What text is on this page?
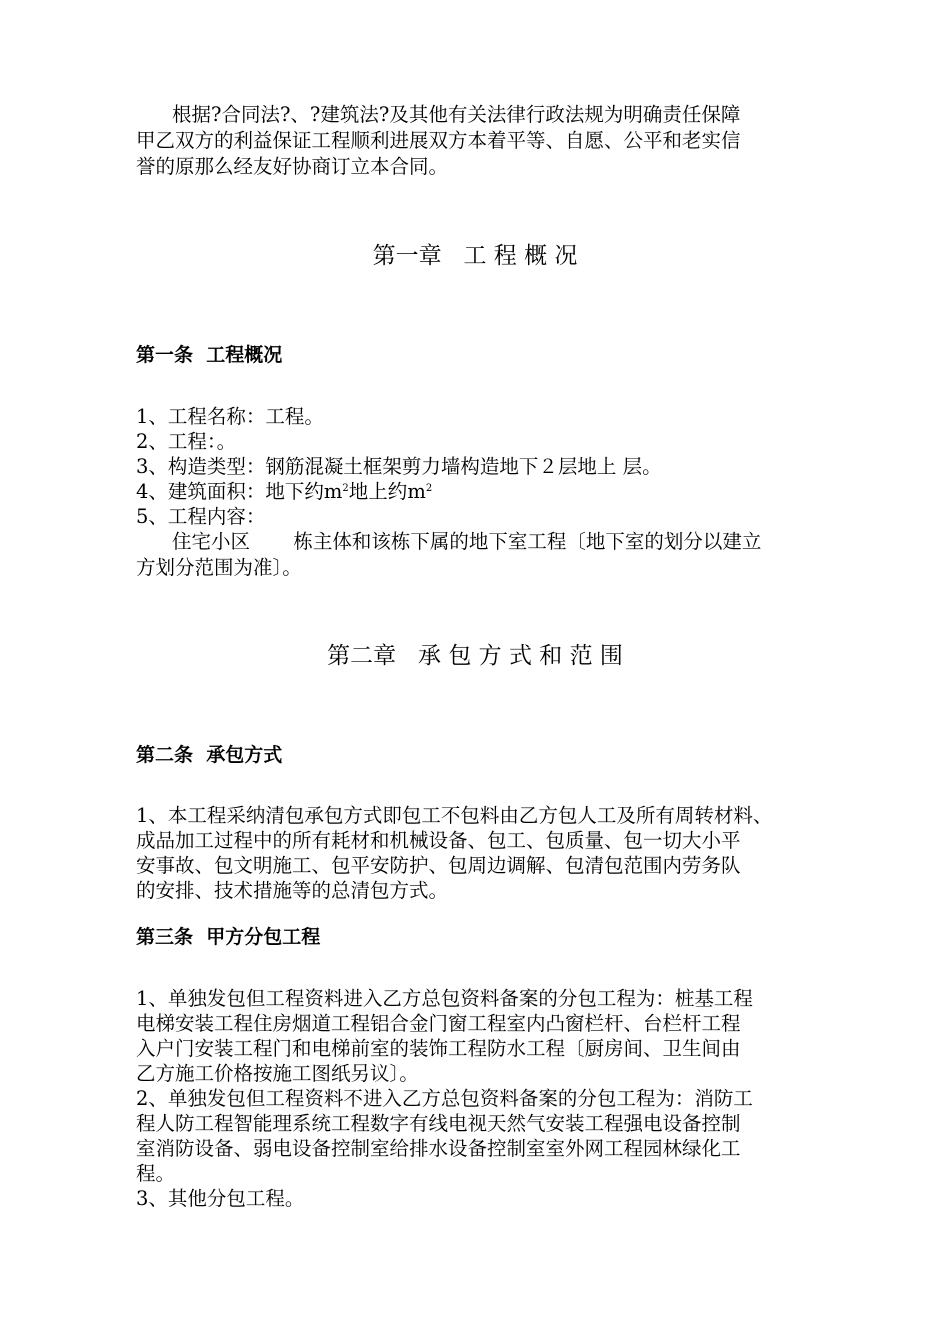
根据?合同法?、?建筑法?及其他有关法律行政法规为明确责任保障
甲乙双方的利益保证工程顺利进展双方本着平等、自愿、公平和老实信
誉的原那么经友好协商订立本合同。
第一章   工 程 概 况
第一条  工程概况
1、工程名称：工程。
2、工程：。
3、构造类型：钢筋混凝土框架剪力墙构造地下２层地上 层。
4、建筑面积：地下约$m^2$地上约$m^2$
5、工程内容：
住宅小区       栋主体和该栋下属的地下室工程〔地下室的划分以建立
方划分范围为准〕。
第二章   承 包 方 式 和 范 围
第二条  承包方式
1、本工程采纳清包承包方式即包工不包料由乙方包人工及所有周转材料、
成品加工过程中的所有耗材和机械设备、包工、包质量、包一切大小平
安事故、包文明施工、包平安防护、包周边调解、包清包范围内劳务队
的安排、技术措施等的总清包方式。
第三条  甲方分包工程
1、单独发包但工程资料进入乙方总包资料备案的分包工程为：桩基工程
电梯安装工程住房烟道工程铝合金门窗工程室内凸窗栏杆、台栏杆工程
入户门安装工程门和电梯前室的装饰工程防水工程〔厨房间、卫生间由
乙方施工价格按施工图纸另议〕。
2、单独发包但工程资料不进入乙方总包资料备案的分包工程为：消防工
程人防工程智能理系统工程数字有线电视天然气安装工程强电设备控制
室消防设备、弱电设备控制室给排水设备控制室室外网工程园林绿化工
程。
3、其他分包工程。
